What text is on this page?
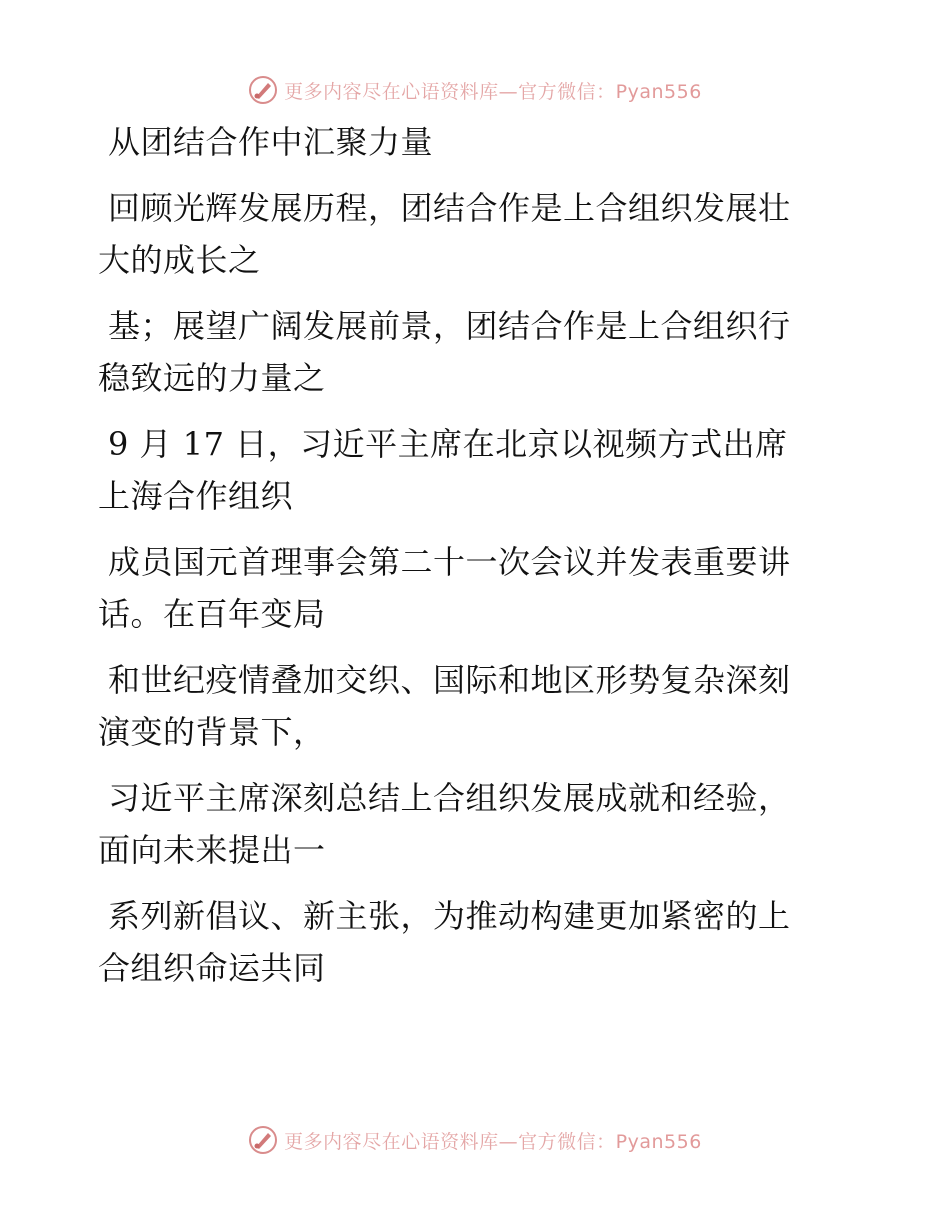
更多内容尽在心语资料库—官方微信：Pyan556

从团结合作中汇聚力量

回顾光辉发展历程，团结合作是上合组织发展壮

大的成长之

基；展望广阔发展前景，团结合作是上合组织行

稳致远的力量之

9 月 17 日，习近平主席在北京以视频方式出席

上海合作组织

成员国元首理事会第二十一次会议并发表重要讲

话。在百年变局

和世纪疫情叠加交织、国际和地区形势复杂深刻

演变的背景下，

习近平主席深刻总结上合组织发展成就和经验，

面向未来提出一

系列新倡议、新主张，为推动构建更加紧密的上

合组织命运共同

更多内容尽在心语资料库—官方微信：Pyan556
